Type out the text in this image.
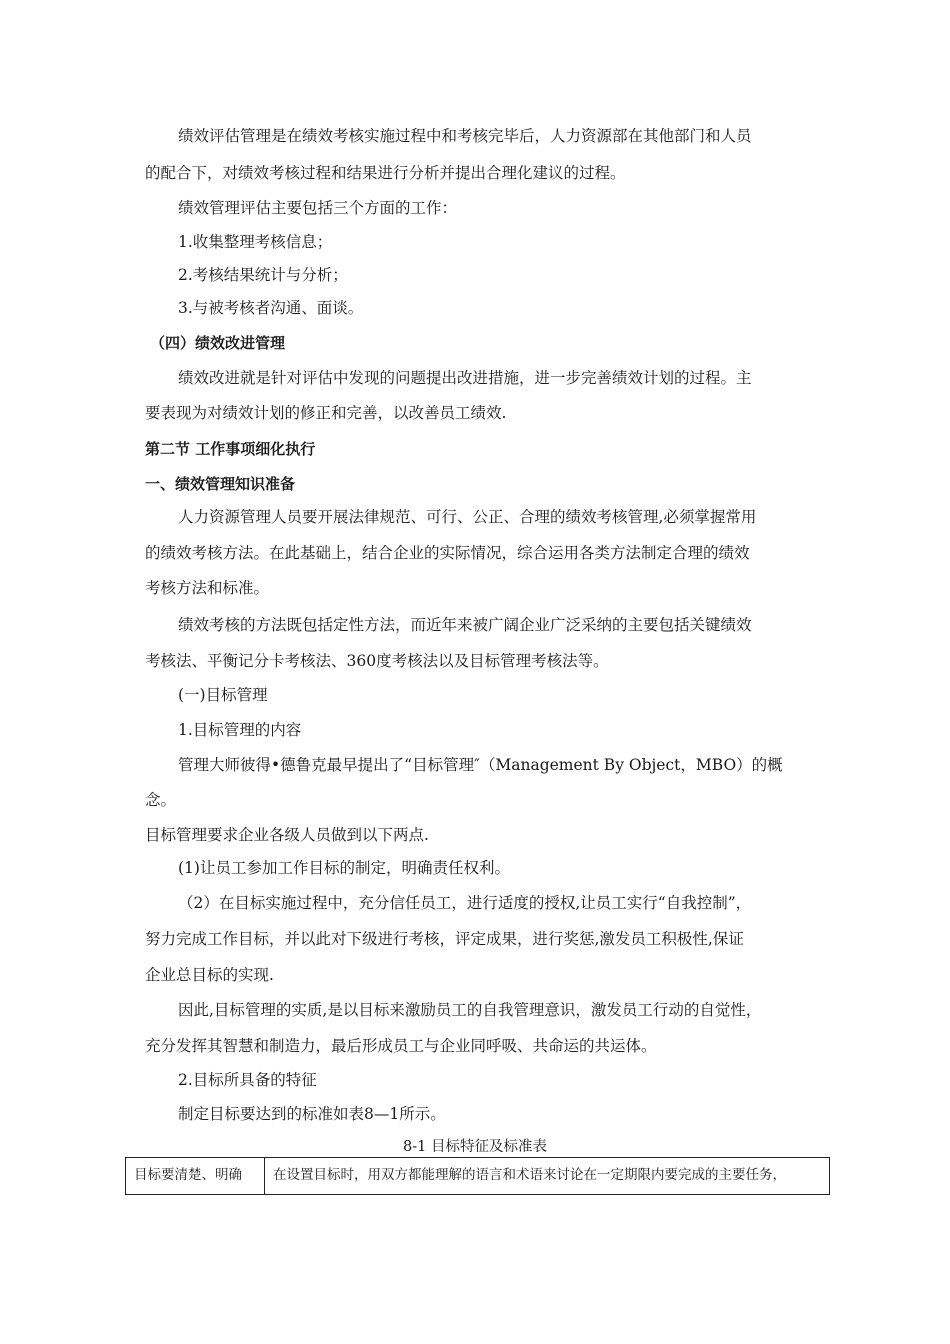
绩效评估管理是在绩效考核实施过程中和考核完毕后，人力资源部在其他部门和人员
的配合下，对绩效考核过程和结果进行分析并提出合理化建议的过程。
绩效管理评估主要包括三个方面的工作：
1.收集整理考核信息；
2.考核结果统计与分析；
3.与被考核者沟通、面谈。
（四）绩效改进管理
绩效改进就是针对评估中发现的问题提出改进措施，进一步完善绩效计划的过程。主
要表现为对绩效计划的修正和完善，以改善员工绩效.
第二节 工作事项细化执行
一、绩效管理知识准备
人力资源管理人员要开展法律规范、可行、公正、合理的绩效考核管理,必须掌握常用
的绩效考核方法。在此基础上，结合企业的实际情况，综合运用各类方法制定合理的绩效
考核方法和标准。
绩效考核的方法既包括定性方法，而近年来被广阔企业广泛采纳的主要包括关键绩效
考核法、平衡记分卡考核法、360度考核法以及目标管理考核法等。
(一)目标管理
1.目标管理的内容
管理大师彼得•德鲁克最早提出了“目标管理″（Management By Object，MBO）的概
念。
目标管理要求企业各级人员做到以下两点.
(1)让员工参加工作目标的制定，明确责任权利。
（2）在目标实施过程中，充分信任员工，进行适度的授权,让员工实行“自我控制”，
努力完成工作目标，并以此对下级进行考核，评定成果，进行奖惩,激发员工积极性,保证
企业总目标的实现.
因此,目标管理的实质,是以目标来激励员工的自我管理意识，激发员工行动的自觉性，
充分发挥其智慧和制造力，最后形成员工与企业同呼吸、共命运的共运体。
2.目标所具备的特征
制定目标要达到的标准如表8—1所示。
8-1 目标特征及标准表
目标要清楚、明确	在设置目标时，用双方都能理解的语言和术语来讨论在一定期限内要完成的主要任务，
